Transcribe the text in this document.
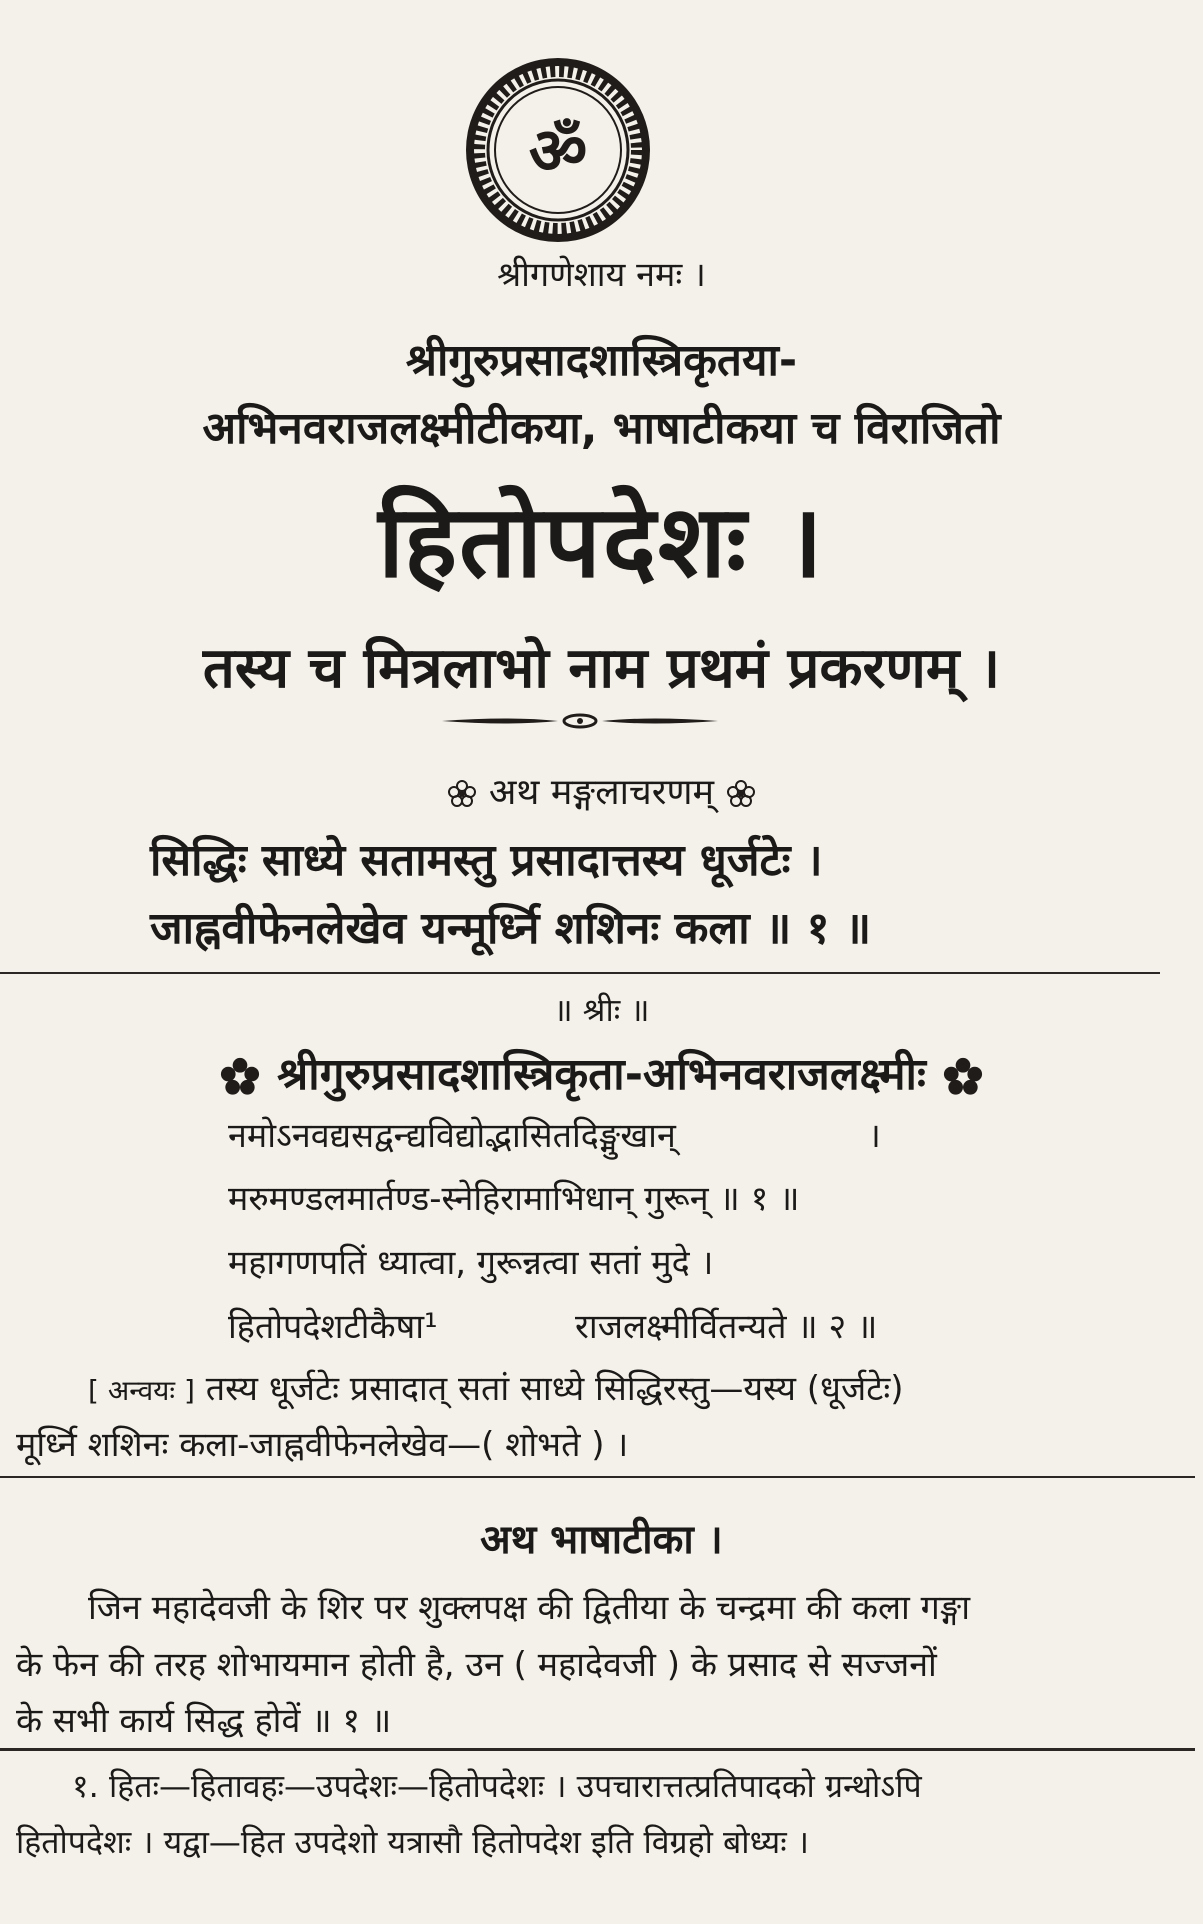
ॐ
श्रीगणेशाय नमः ।
श्रीगुरुप्रसादशास्त्रिकृतया-
अभिनवराजलक्ष्मीटीकया, भाषाटीकया च विराजितो
हितोपदेशः ।
तस्य च मित्रलाभो नाम प्रथमं प्रकरणम् ।
अथ मङ्गलाचरणम्
सिद्धिः साध्ये सतामस्तु प्रसादात्तस्य धूर्जटेः ।
जाह्नवीफेनलेखेव यन्मूर्ध्नि शशिनः कला ॥ १ ॥
॥ श्रीः ॥
श्रीगुरुप्रसादशास्त्रिकृता-अभिनवराजलक्ष्मीः
नमोऽनवद्यसद्वन्द्यविद्योद्भासितदिङ्मुखान्	।
मरुमण्डलमार्तण्ड-स्नेहिरामाभिधान् गुरून् ॥ १ ॥
महागणपतिं ध्यात्वा, गुरून्नत्वा सतां मुदे ।
हितोपदेशटीकैषा¹	राजलक्ष्मीर्वितन्यते ॥ २ ॥
[ अन्वयः ] तस्य धूर्जटेः प्रसादात् सतां साध्ये सिद्धिरस्तु—यस्य (धूर्जटेः)
मूर्ध्नि शशिनः कला-जाह्नवीफेनलेखेव—( शोभते ) ।
अथ भाषाटीका ।
जिन महादेवजी के शिर पर शुक्लपक्ष की द्वितीया के चन्द्रमा की कला गङ्गा
के फेन की तरह शोभायमान होती है, उन ( महादेवजी ) के प्रसाद से सज्जनों
के सभी कार्य सिद्ध होवें ॥ १ ॥
१. हितः—हितावहः—उपदेशः—हितोपदेशः । उपचारात्तत्प्रतिपादको ग्रन्थोऽपि
हितोपदेशः । यद्वा—हित उपदेशो यत्रासौ हितोपदेश इति विग्रहो बोध्यः ।
